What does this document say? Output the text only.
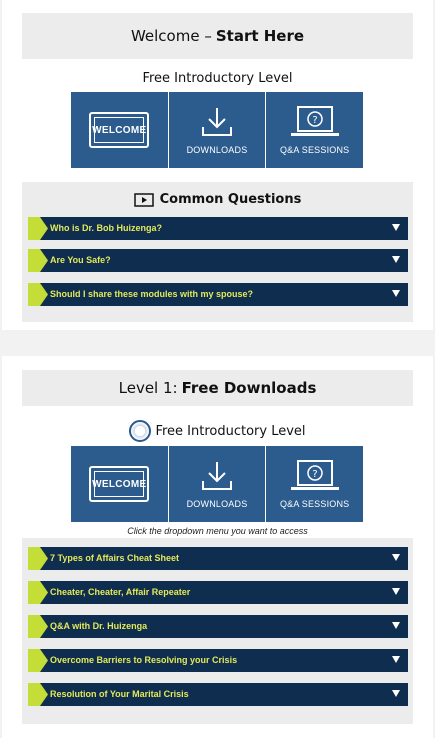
Welcome – Start Here
Free Introductory Level
WELCOME
DOWNLOADS
?
Q&A SESSIONS
Common Questions
Who is Dr. Bob Huizenga?
Are You Safe?
Should I share these modules with my spouse?
Level 1: Free Downloads
Free Introductory Level
WELCOME
DOWNLOADS
?
Q&A SESSIONS
Click the dropdown menu you want to access
7 Types of Affairs Cheat Sheet
Cheater, Cheater, Affair Repeater
Q&A with Dr. Huizenga
Overcome Barriers to Resolving your Crisis
Resolution of Your Marital Crisis
